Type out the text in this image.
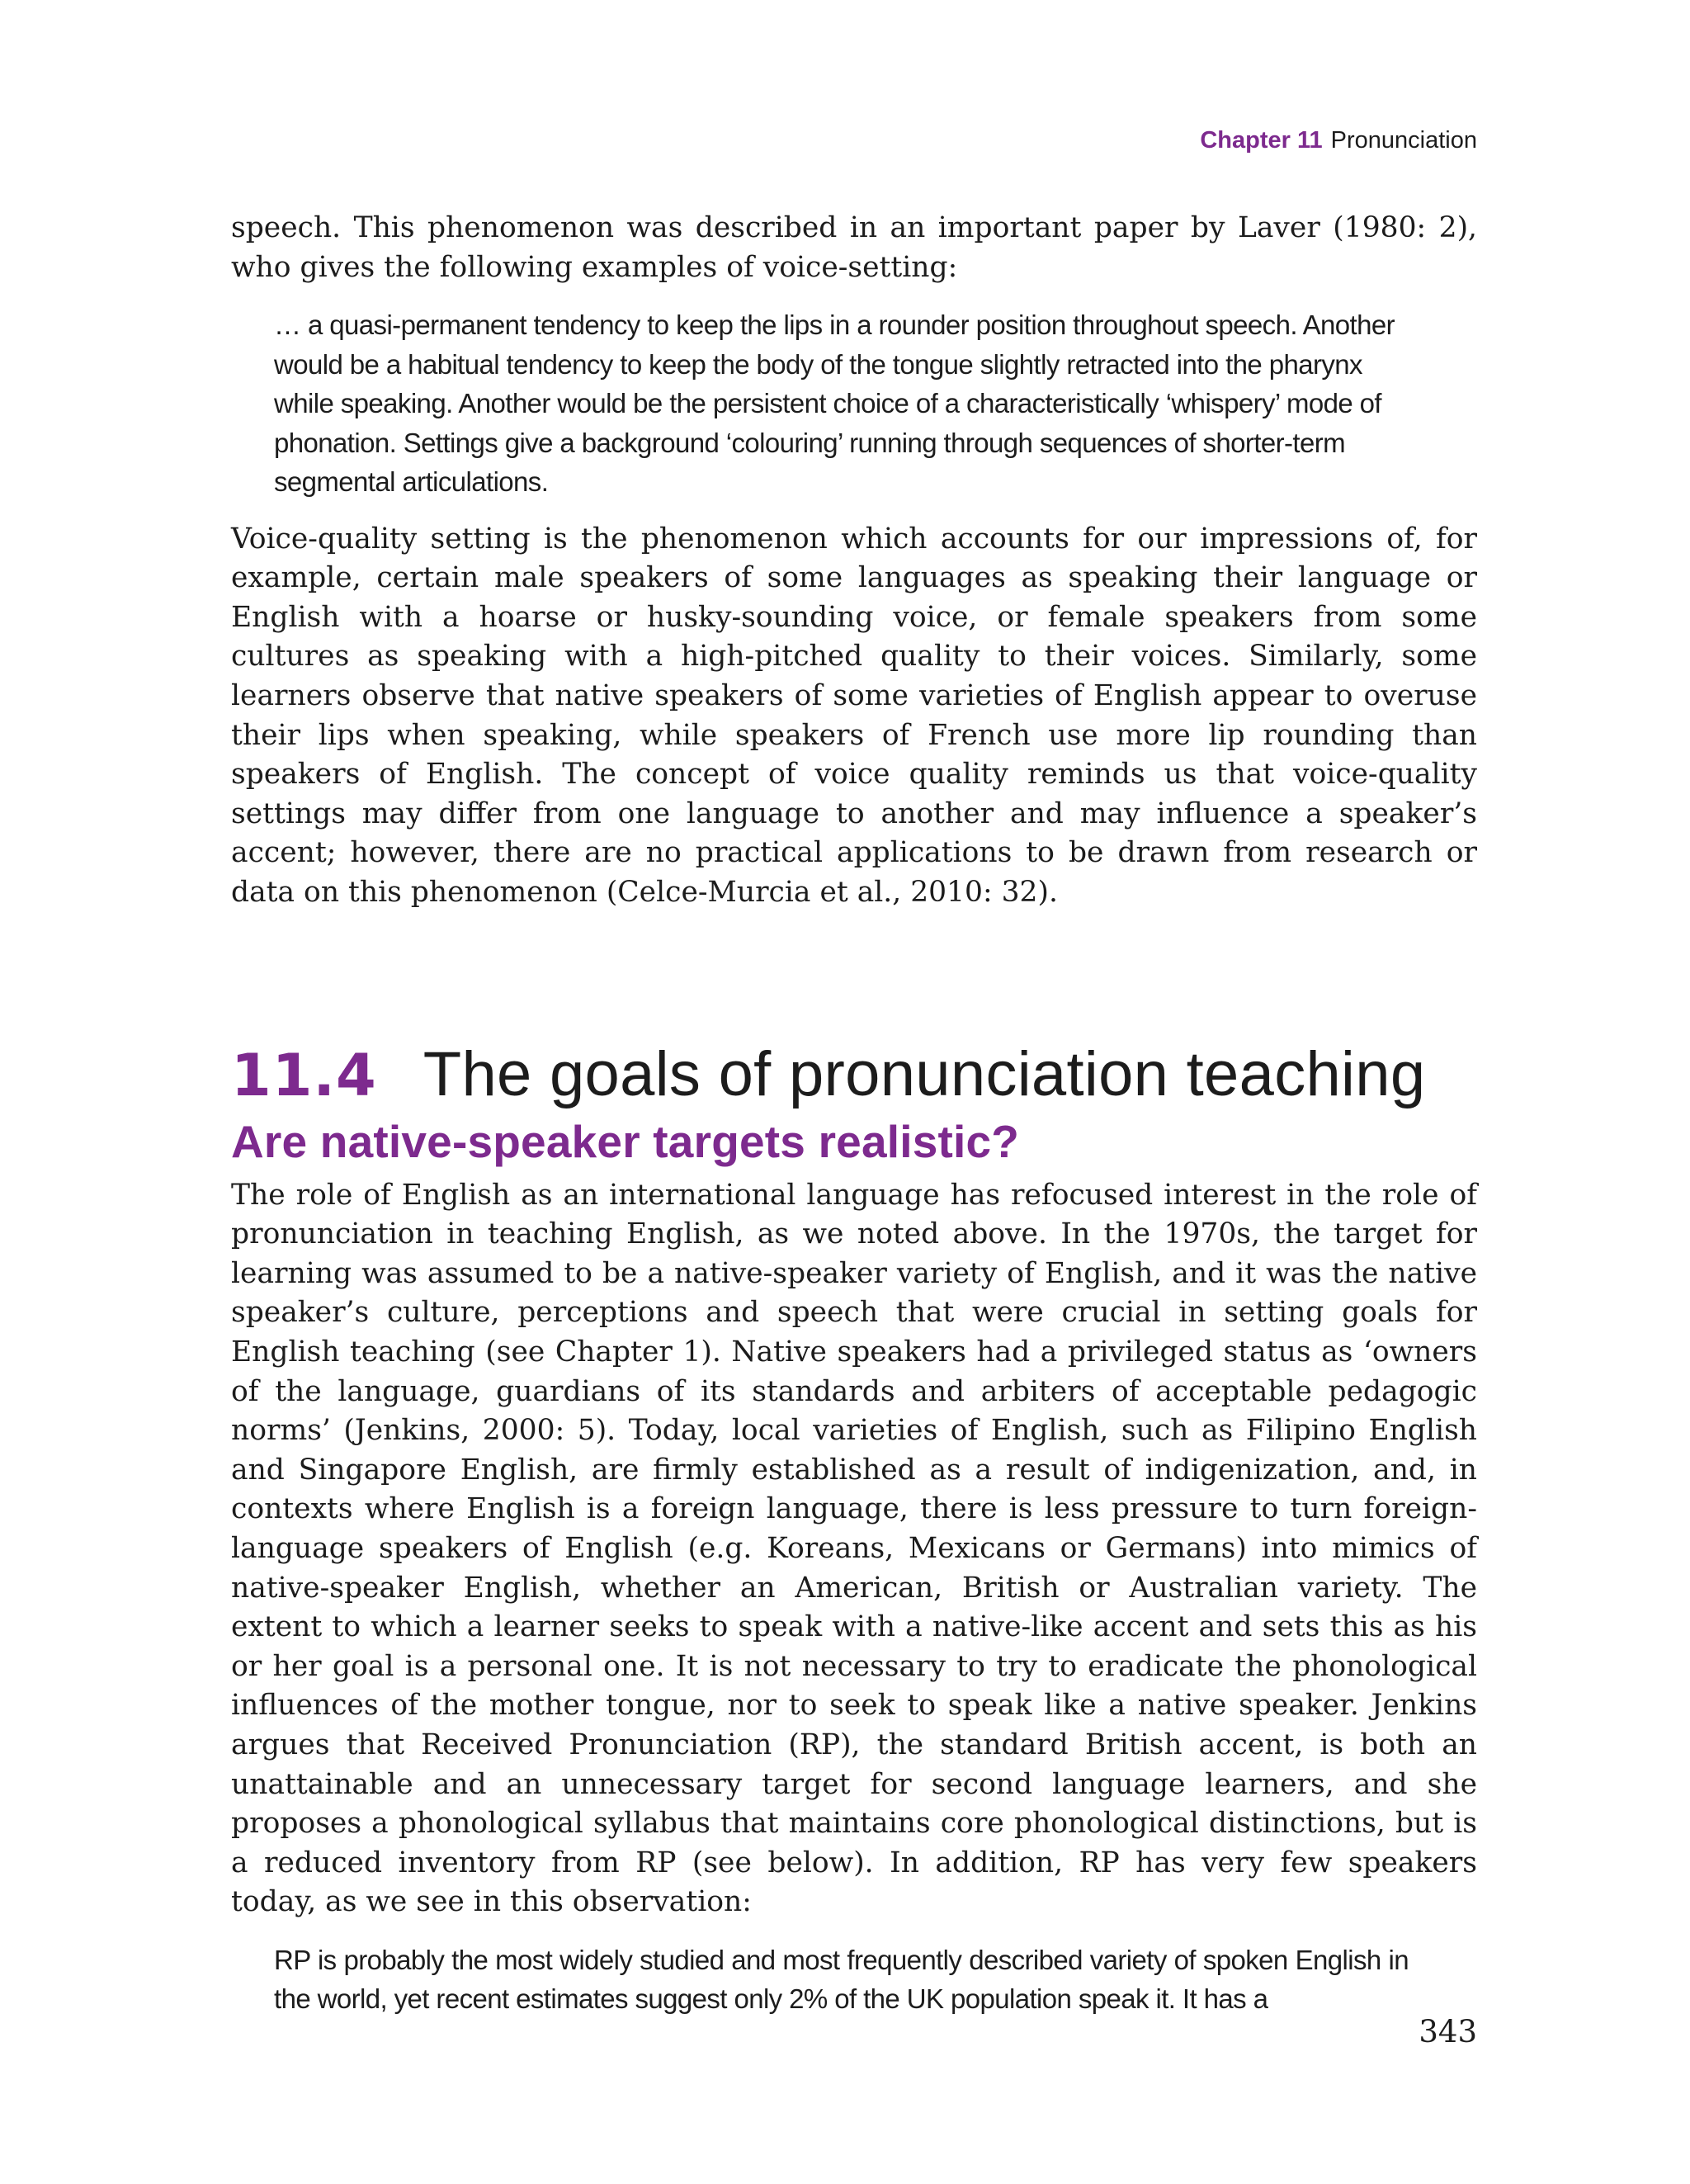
Chapter 11 Pronunciation

speech. This phenomenon was described in an important paper by Laver (1980: 2), who gives the following examples of voice-setting:

… a quasi-permanent tendency to keep the lips in a rounder position throughout speech. Another would be a habitual tendency to keep the body of the tongue slightly retracted into the pharynx while speaking. Another would be the persistent choice of a characteristically ‘whispery’ mode of phonation. Settings give a background ‘colouring’ running through sequences of shorter-term segmental articulations.

Voice-quality setting is the phenomenon which accounts for our impressions of, for example, certain male speakers of some languages as speaking their language or English with a hoarse or husky-sounding voice, or female speakers from some cultures as speaking with a high-pitched quality to their voices. Similarly, some learners observe that native speakers of some varieties of English appear to overuse their lips when speaking, while speakers of French use more lip rounding than speakers of English. The concept of voice quality reminds us that voice-quality settings may differ from one language to another and may influence a speaker’s accent; however, there are no practical applications to be drawn from research or data on this phenomenon (Celce-Murcia et al., 2010: 32).

11.4 The goals of pronunciation teaching
Are native-speaker targets realistic?

The role of English as an international language has refocused interest in the role of pronunciation in teaching English, as we noted above. In the 1970s, the target for learning was assumed to be a native-speaker variety of English, and it was the native speaker’s culture, perceptions and speech that were crucial in setting goals for English teaching (see Chapter 1). Native speakers had a privileged status as ‘owners of the language, guardians of its standards and arbiters of acceptable pedagogic norms’ (Jenkins, 2000: 5). Today, local varieties of English, such as Filipino English and Singapore English, are firmly established as a result of indigenization, and, in contexts where English is a foreign language, there is less pressure to turn foreign-language speakers of English (e.g. Koreans, Mexicans or Germans) into mimics of native-speaker English, whether an American, British or Australian variety. The extent to which a learner seeks to speak with a native-like accent and sets this as his or her goal is a personal one. It is not necessary to try to eradicate the phonological influences of the mother tongue, nor to seek to speak like a native speaker. Jenkins argues that Received Pronunciation (RP), the standard British accent, is both an unattainable and an unnecessary target for second language learners, and she proposes a phonological syllabus that maintains core phonological distinctions, but is a reduced inventory from RP (see below). In addition, RP has very few speakers today, as we see in this observation:

RP is probably the most widely studied and most frequently described variety of spoken English in the world, yet recent estimates suggest only 2% of the UK population speak it. It has a

343
